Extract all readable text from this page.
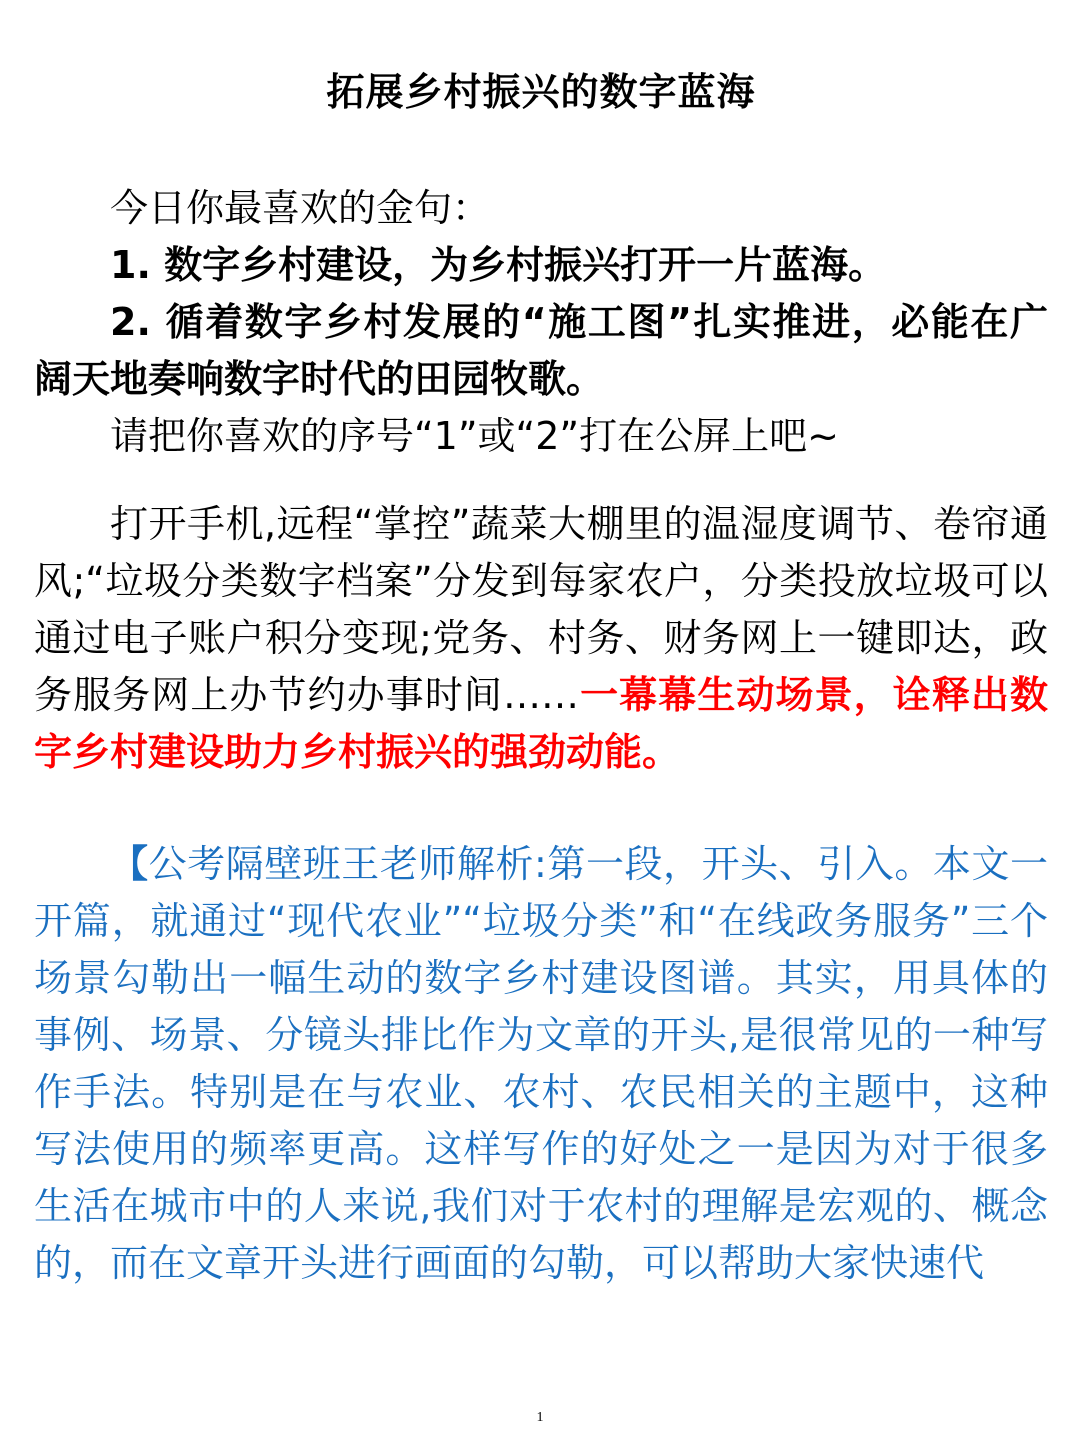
拓展乡村振兴的数字蓝海

今日你最喜欢的金句：

1. 数字乡村建设，为乡村振兴打开一片蓝海。

2. 循着数字乡村发展的“施工图”扎实推进，必能在广阔天地奏响数字时代的田园牧歌。

请把你喜欢的序号“1”或“2”打在公屏上吧~

打开手机,远程“掌控”蔬菜大棚里的温湿度调节、卷帘通风;“垃圾分类数字档案”分发到每家农户，分类投放垃圾可以通过电子账户积分变现;党务、村务、财务网上一键即达，政务服务网上办节约办事时间……一幕幕生动场景，诠释出数字乡村建设助力乡村振兴的强劲动能。

【公考隔壁班王老师解析:第一段，开头、引入。本文一开篇，就通过“现代农业”“垃圾分类”和“在线政务服务”三个场景勾勒出一幅生动的数字乡村建设图谱。其实，用具体的事例、场景、分镜头排比作为文章的开头,是很常见的一种写作手法。特别是在与农业、农村、农民相关的主题中，这种写法使用的频率更高。这样写作的好处之一是因为对于很多生活在城市中的人来说,我们对于农村的理解是宏观的、概念的，而在文章开头进行画面的勾勒，可以帮助大家快速代

1
